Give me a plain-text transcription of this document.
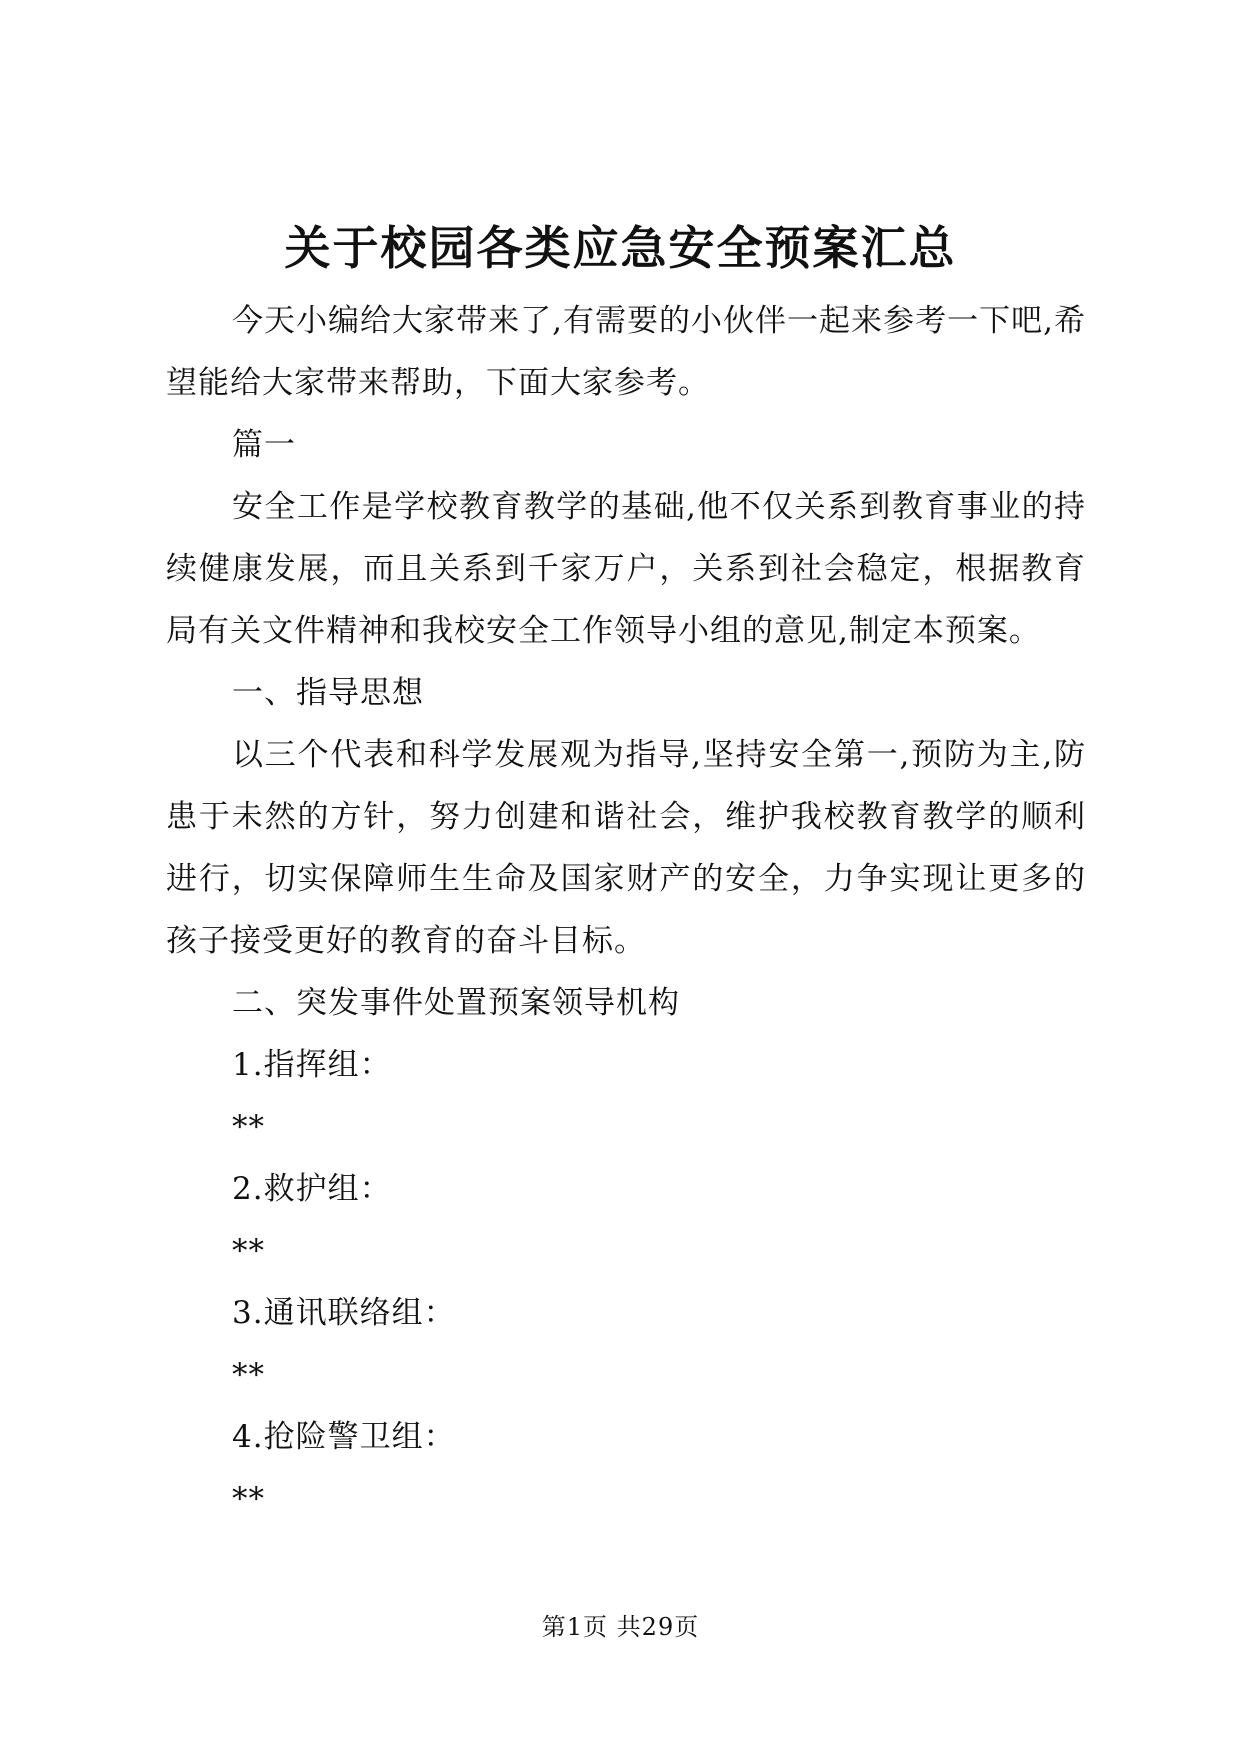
关于校园各类应急安全预案汇总

今天小编给大家带来了,有需要的小伙伴一起来参考一下吧,希望能给大家带来帮助，下面大家参考。

篇一

安全工作是学校教育教学的基础,他不仅关系到教育事业的持续健康发展，而且关系到千家万户，关系到社会稳定，根据教育局有关文件精神和我校安全工作领导小组的意见,制定本预案。

一、指导思想

以三个代表和科学发展观为指导,坚持安全第一,预防为主,防患于未然的方针，努力创建和谐社会，维护我校教育教学的顺利进行，切实保障师生生命及国家财产的安全，力争实现让更多的孩子接受更好的教育的奋斗目标。

二、突发事件处置预案领导机构

1.指挥组：

**

2.救护组：

**

3.通讯联络组：

**

4.抢险警卫组：

**

第1页 共29页
